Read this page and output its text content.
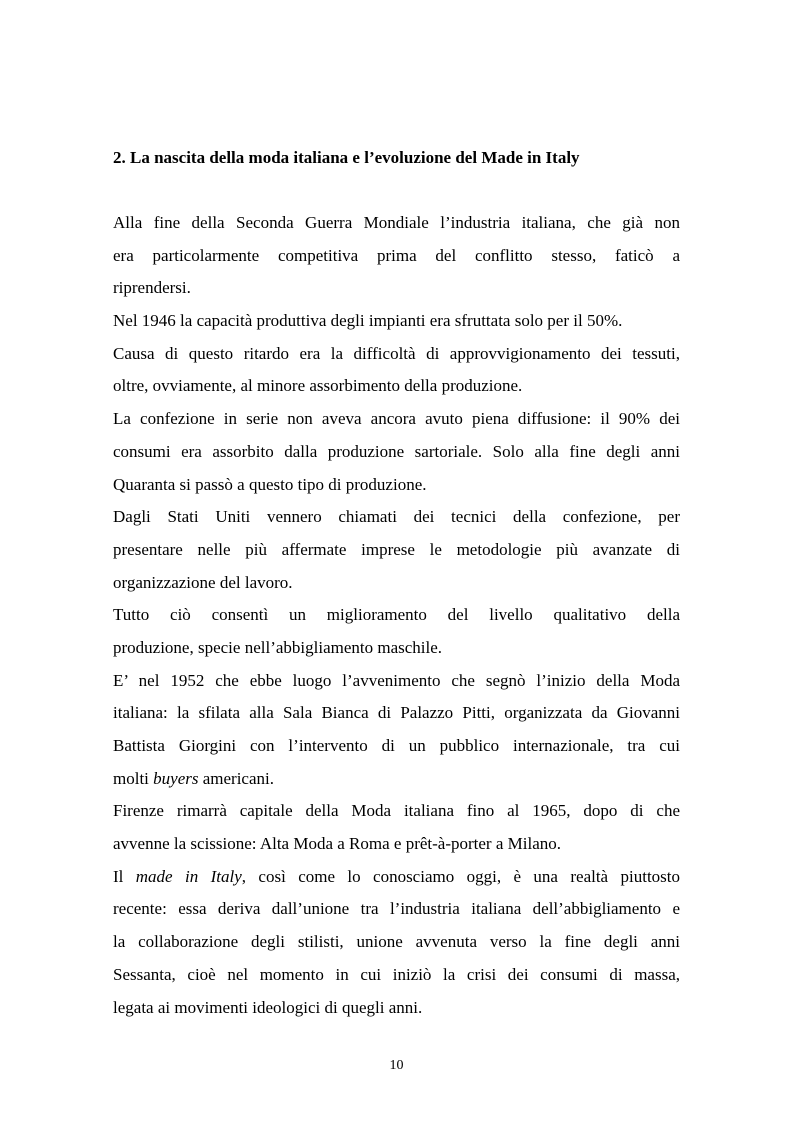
2. La nascita della moda italiana e l’evoluzione del Made in Italy
Alla fine della Seconda Guerra Mondiale l’industria italiana, che già non
era particolarmente competitiva prima del conflitto stesso, faticò a
riprendersi.
Nel 1946 la capacità produttiva degli impianti era sfruttata solo per il 50%.
Causa di questo ritardo era la difficoltà di approvvigionamento dei tessuti,
oltre, ovviamente, al minore assorbimento della produzione.
La confezione in serie non aveva ancora avuto piena diffusione: il 90% dei
consumi era assorbito dalla produzione sartoriale. Solo alla fine degli anni
Quaranta si passò a questo tipo di produzione.
Dagli Stati Uniti vennero chiamati dei tecnici della confezione, per
presentare nelle più affermate imprese le metodologie più avanzate di
organizzazione del lavoro.
Tutto ciò consentì un miglioramento del livello qualitativo della
produzione, specie nell’abbigliamento maschile.
E’ nel 1952 che ebbe luogo l’avvenimento che segnò l’inizio della Moda
italiana: la sfilata alla Sala Bianca di Palazzo Pitti, organizzata da Giovanni
Battista Giorgini con l’intervento di un pubblico internazionale, tra cui
molti buyers americani.
Firenze rimarrà capitale della Moda italiana fino al 1965, dopo di che
avvenne la scissione: Alta Moda a Roma e prêt-à-porter a Milano.
Il made in Italy, così come lo conosciamo oggi, è una realtà piuttosto
recente: essa deriva dall’unione tra l’industria italiana dell’abbigliamento e
la collaborazione degli stilisti, unione avvenuta verso la fine degli anni
Sessanta, cioè nel momento in cui iniziò la crisi dei consumi di massa,
legata ai movimenti ideologici di quegli anni.
10
